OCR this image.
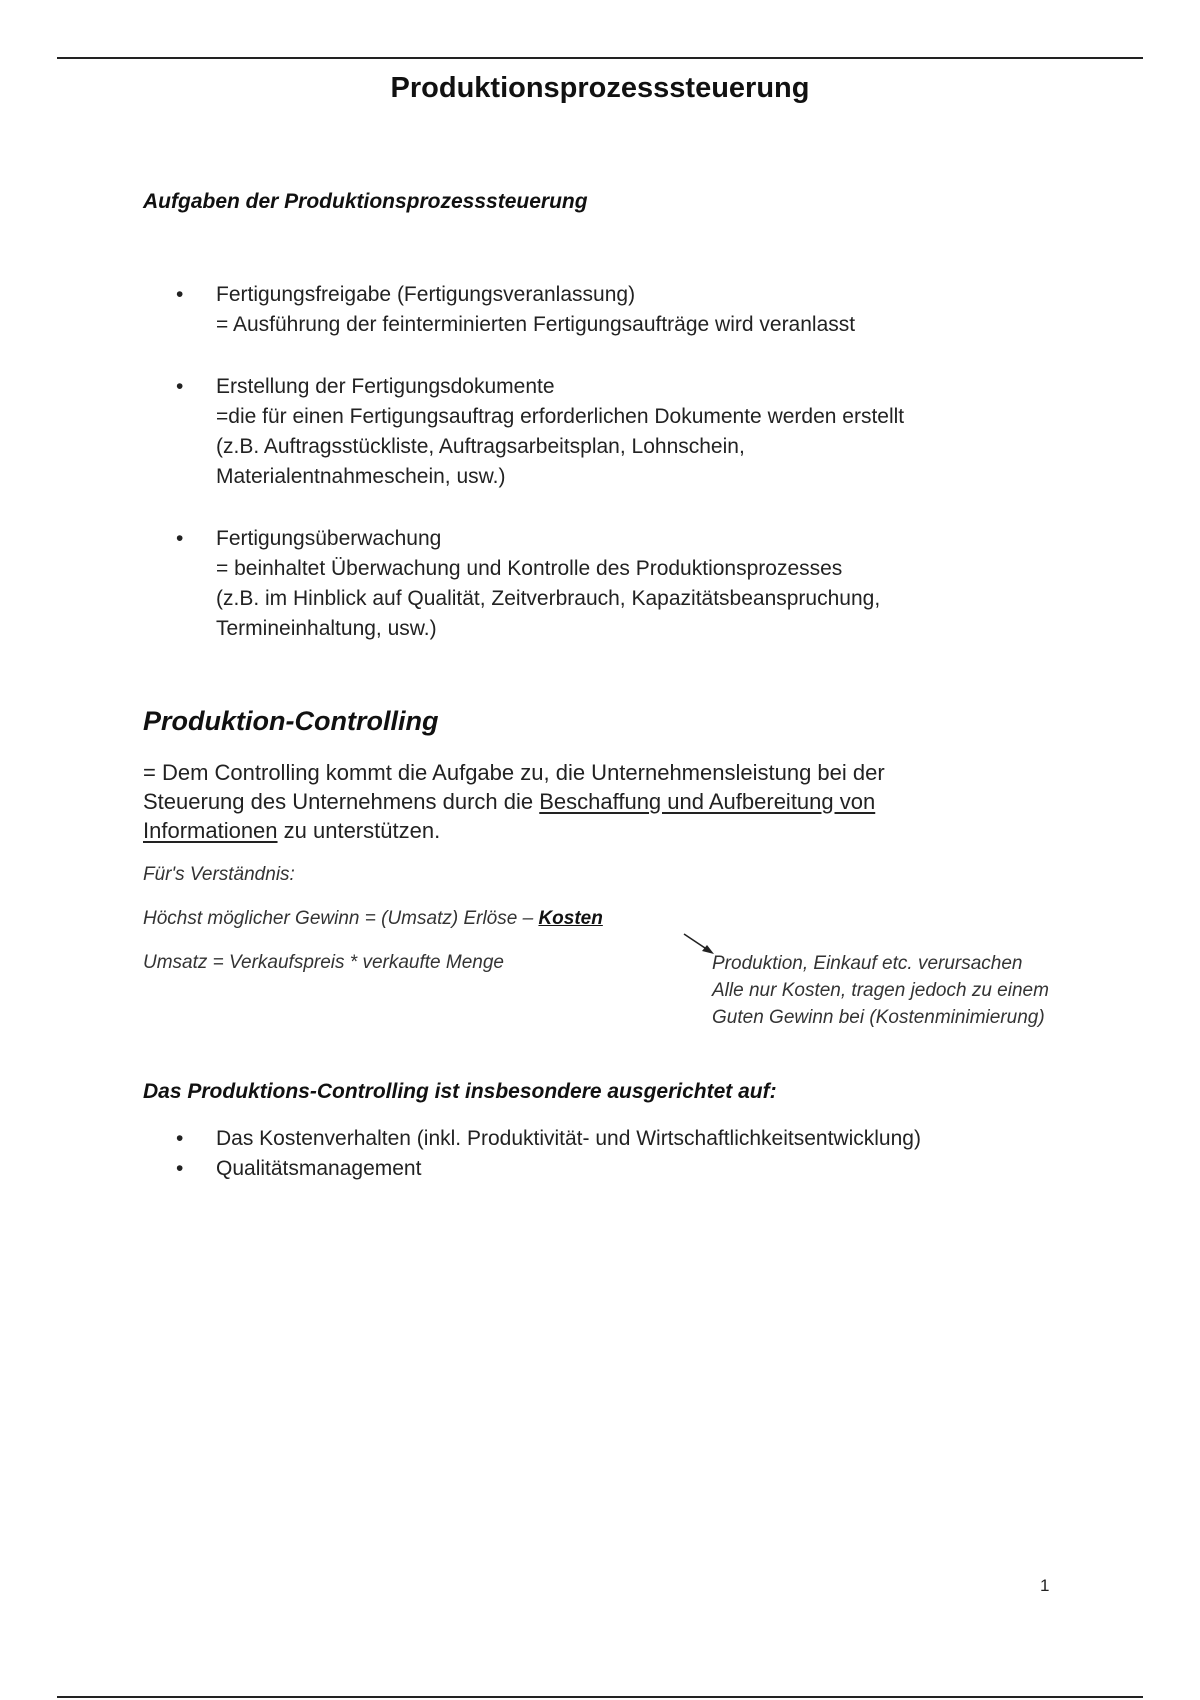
Produktionsprozesssteuerung
Aufgaben der Produktionsprozesssteuerung
• Fertigungsfreigabe (Fertigungsveranlassung)
= Ausführung der feinterminierten Fertigungsaufträge wird veranlasst
• Erstellung der Fertigungsdokumente
=die für einen Fertigungsauftrag erforderlichen Dokumente werden erstellt
(z.B. Auftragsstückliste, Auftragsarbeitsplan, Lohnschein,
Materialentnahmeschein, usw.)
• Fertigungsüberwachung
= beinhaltet Überwachung und Kontrolle des Produktionsprozesses
(z.B. im Hinblick auf Qualität, Zeitverbrauch, Kapazitätsbeanspruchung,
Termineinhaltung, usw.)
Produktion-Controlling
= Dem Controlling kommt die Aufgabe zu, die Unternehmensleistung bei der
Steuerung des Unternehmens durch die Beschaffung und Aufbereitung von
Informationen zu unterstützen.
Für's Verständnis:
Höchst möglicher Gewinn = (Umsatz) Erlöse – Kosten
Umsatz = Verkaufspreis * verkaufte Menge	Produktion, Einkauf etc. verursachen
Alle nur Kosten, tragen jedoch zu einem
Guten Gewinn bei (Kostenminimierung)
Das Produktions-Controlling ist insbesondere ausgerichtet auf:
• Das Kostenverhalten (inkl. Produktivität- und Wirtschaftlichkeitsentwicklung)
• Qualitätsmanagement
1
